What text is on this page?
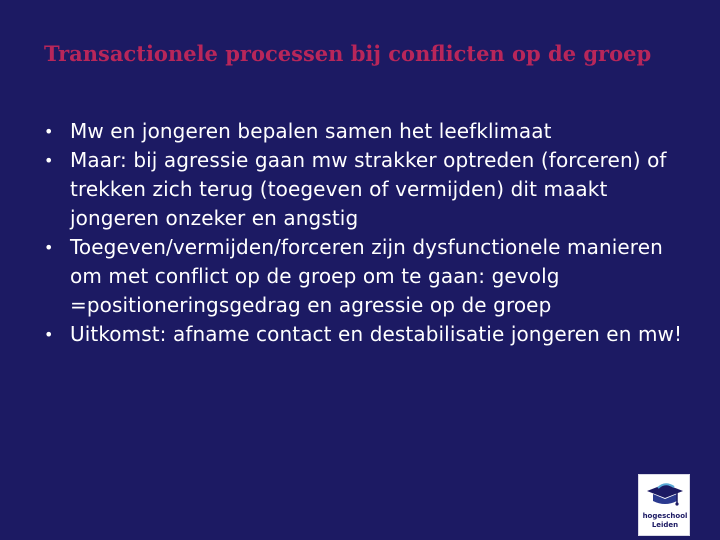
Transactionele processen bij conflicten op de groep
• Mw en jongeren bepalen samen het leefklimaat
• Maar: bij agressie gaan mw strakker optreden (forceren) of trekken zich terug (toegeven of vermijden) dit maakt jongeren onzeker en angstig
• Toegeven/vermijden/forceren zijn dysfunctionele manieren om met conflict op de groep om te gaan: gevolg =positioneringsgedrag en agressie op de groep
• Uitkomst: afname contact en destabilisatie jongeren en mw!
hogeschool
Leiden
